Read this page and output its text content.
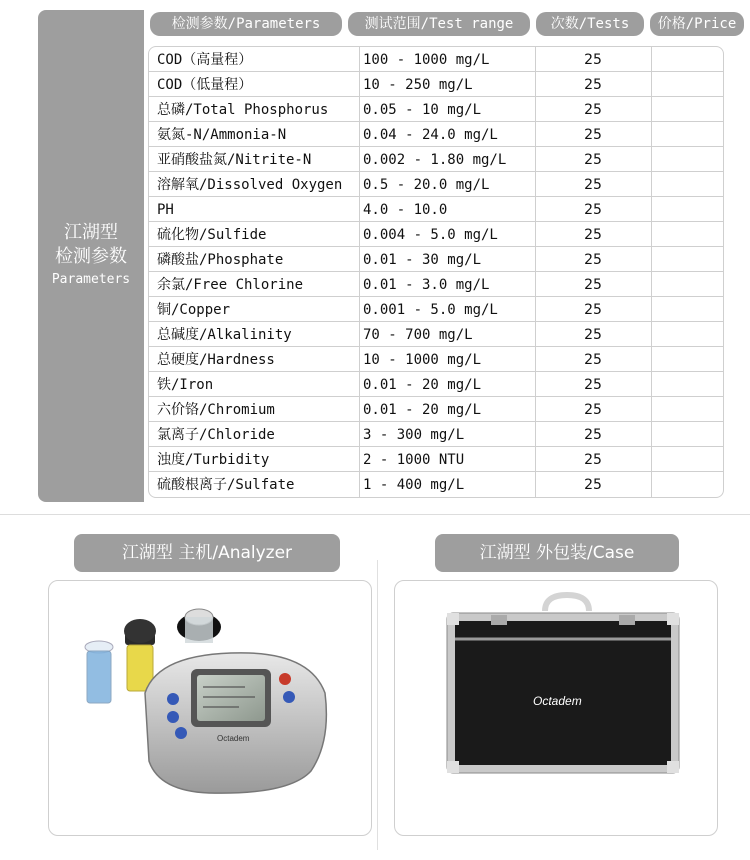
江湖型
检测参数
Parameters
检测参数/Parameters	测试范围/Test range	次数/Tests	价格/Price
COD（高量程）	100 - 1000 mg/L	25
COD（低量程）	10 - 250 mg/L	25
总磷/Total Phosphorus	0.05 - 10 mg/L	25
氨氮-N/Ammonia-N	0.04 - 24.0 mg/L	25
亚硝酸盐氮/Nitrite-N	0.002 - 1.80 mg/L	25
溶解氧/Dissolved Oxygen	0.5 - 20.0 mg/L	25
PH	4.0 - 10.0	25
硫化物/Sulfide	0.004 - 5.0 mg/L	25
磷酸盐/Phosphate	0.01 - 30 mg/L	25
余氯/Free Chlorine	0.01 - 3.0 mg/L	25
铜/Copper	0.001 - 5.0 mg/L	25
总碱度/Alkalinity	70 - 700 mg/L	25
总硬度/Hardness	10 - 1000 mg/L	25
铁/Iron	0.01 - 20 mg/L	25
六价铬/Chromium	0.01 - 20 mg/L	25
氯离子/Chloride	3 - 300 mg/L	25
浊度/Turbidity	2 - 1000 NTU	25
硫酸根离子/Sulfate	1 - 400 mg/L	25
江湖型 主机/Analyzer	江湖型 外包装/Case
Octadem
Octadem
